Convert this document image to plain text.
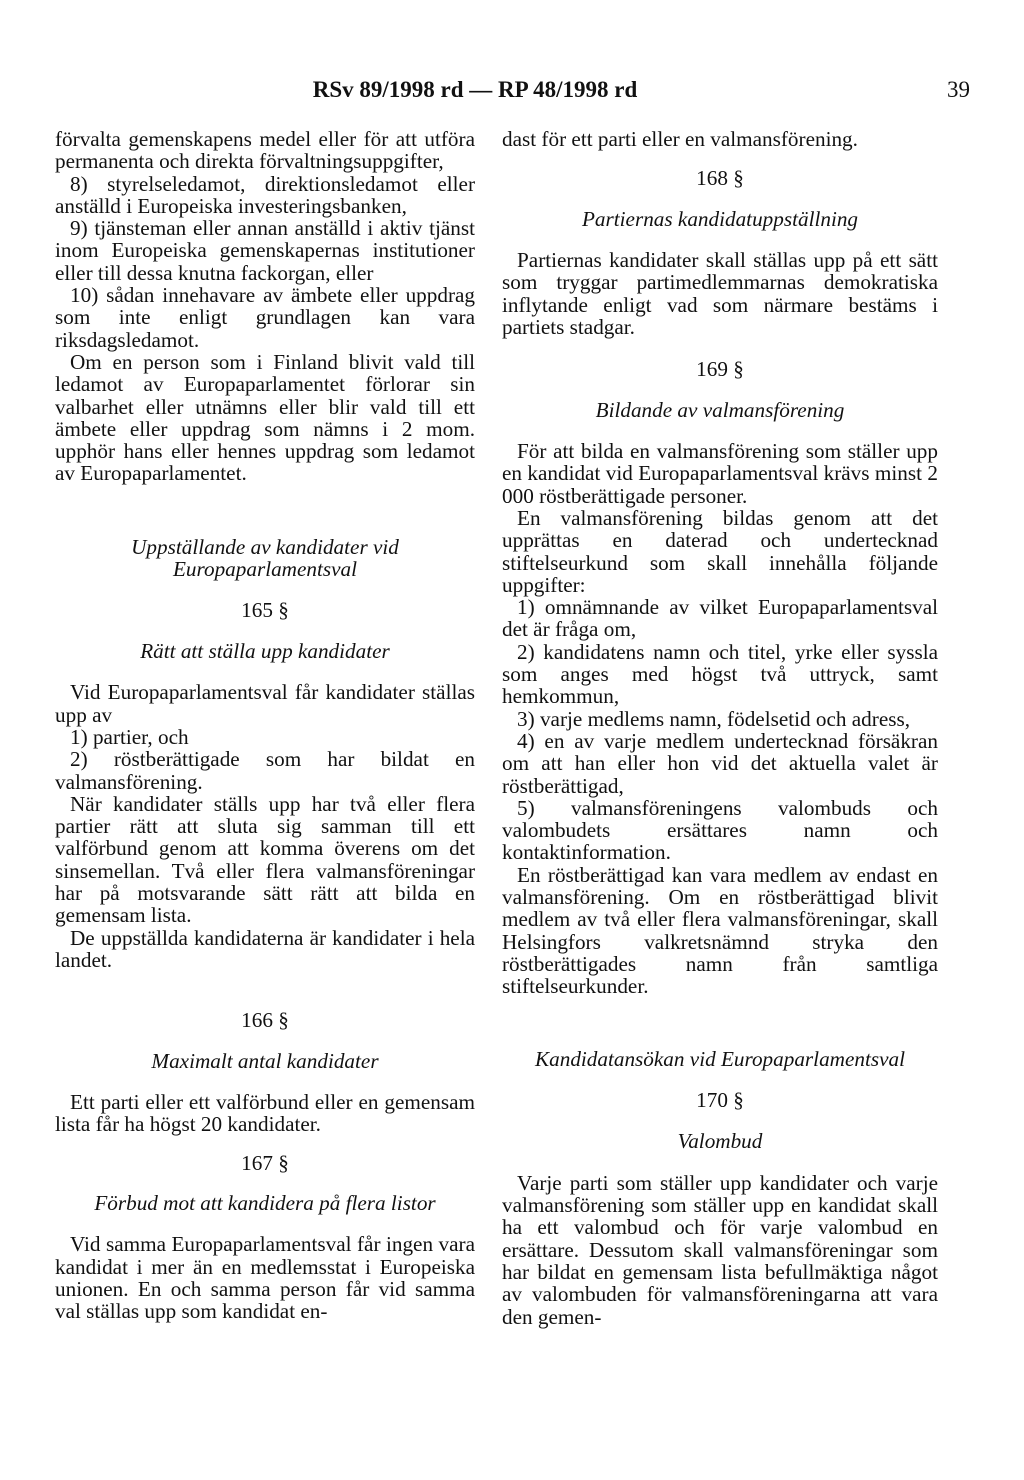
RSv 89/1998 rd — RP 48/1998 rd	39

förvalta gemenskapens medel eller för att utföra permanenta och direkta förvaltningsuppgifter,

8) styrelseledamot, direktionsledamot eller anställd i Europeiska investeringsbanken,

9) tjänsteman eller annan anställd i aktiv tjänst inom Europeiska gemenskapernas institutioner eller till dessa knutna fackorgan, eller

10) sådan innehavare av ämbete eller uppdrag som inte enligt grundlagen kan vara riksdagsledamot.

Om en person som i Finland blivit vald till ledamot av Europaparlamentet förlorar sin valbarhet eller utnämns eller blir vald till ett ämbete eller uppdrag som nämns i 2 mom. upphör hans eller hennes uppdrag som ledamot av Europaparlamentet.

Uppställande av kandidater vid Europaparlamentsval

165 §

Rätt att ställa upp kandidater

Vid Europaparlamentsval får kandidater ställas upp av

1) partier, och

2) röstberättigade som har bildat en valmansförening.

När kandidater ställs upp har två eller flera partier rätt att sluta sig samman till ett valförbund genom att komma överens om det sinsemellan. Två eller flera valmansföreningar har på motsvarande sätt rätt att bilda en gemensam lista.

De uppställda kandidaterna är kandidater i hela landet.

166 §

Maximalt antal kandidater

Ett parti eller ett valförbund eller en gemensam lista får ha högst 20 kandidater.

167 §

Förbud mot att kandidera på flera listor

Vid samma Europaparlamentsval får ingen vara kandidat i mer än en medlemsstat i Europeiska unionen. En och samma person får vid samma val ställas upp som kandidat en-

dast för ett parti eller en valmansförening.

168 §

Partiernas kandidatuppställning

Partiernas kandidater skall ställas upp på ett sätt som tryggar partimedlemmarnas demokratiska inflytande enligt vad som närmare bestäms i partiets stadgar.

169 §

Bildande av valmansförening

För att bilda en valmansförening som ställer upp en kandidat vid Europaparlamentsval krävs minst 2 000 röstberättigade personer.

En valmansförening bildas genom att det upprättas en daterad och undertecknad stiftelseurkund som skall innehålla följande uppgifter:

1) omnämnande av vilket Europaparlamentsval det är fråga om,

2) kandidatens namn och titel, yrke eller syssla som anges med högst två uttryck, samt hemkommun,

3) varje medlems namn, födelsetid och adress,

4) en av varje medlem undertecknad försäkran om att han eller hon vid det aktuella valet är röstberättigad,

5) valmansföreningens valombuds och valombudets ersättares namn och kontaktinformation.

En röstberättigad kan vara medlem av endast en valmansförening. Om en röstberättigad blivit medlem av två eller flera valmansföreningar, skall Helsingfors valkretsnämnd stryka den röstberättigades namn från samtliga stiftelseurkunder.

Kandidatansökan vid Europaparlamentsval

170 §

Valombud

Varje parti som ställer upp kandidater och varje valmansförening som ställer upp en kandidat skall ha ett valombud och för varje valombud en ersättare. Dessutom skall valmansföreningar som har bildat en gemensam lista befullmäktiga något av valombuden för valmansföreningarna att vara den gemen-
